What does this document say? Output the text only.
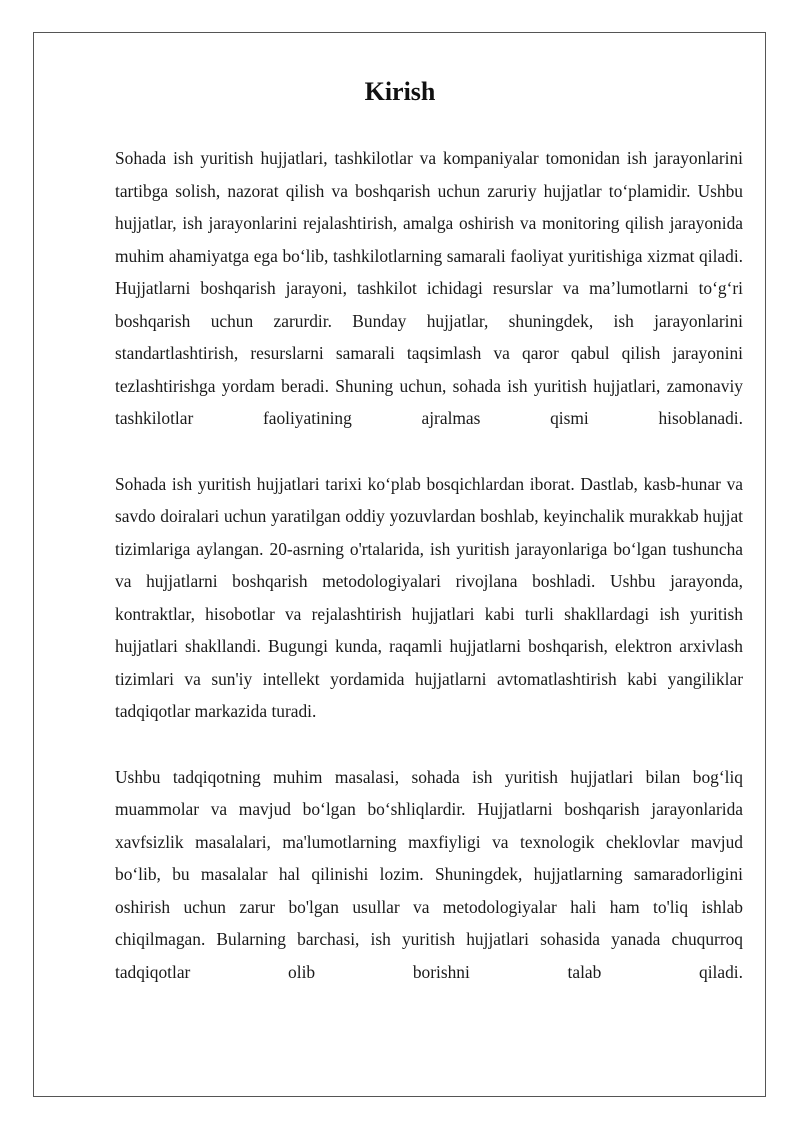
Kirish

Sohada ish yuritish hujjatlari, tashkilotlar va kompaniyalar tomonidan ish jarayonlarini tartibga solish, nazorat qilish va boshqarish uchun zaruriy hujjatlar to‘plamidir. Ushbu hujjatlar, ish jarayonlarini rejalashtirish, amalga oshirish va monitoring qilish jarayonida muhim ahamiyatga ega bo‘lib, tashkilotlarning samarali faoliyat yuritishiga xizmat qiladi. Hujjatlarni boshqarish jarayoni, tashkilot ichidagi resurslar va ma’lumotlarni to‘g‘ri boshqarish uchun zarurdir. Bunday hujjatlar, shuningdek, ish jarayonlarini standartlashtirish, resurslarni samarali taqsimlash va qaror qabul qilish jarayonini tezlashtirishga yordam beradi. Shuning uchun, sohada ish yuritish hujjatlari, zamonaviy tashkilotlar faoliyatining ajralmas qismi hisoblanadi.

Sohada ish yuritish hujjatlari tarixi ko‘plab bosqichlardan iborat. Dastlab, kasb-hunar va savdo doiralari uchun yaratilgan oddiy yozuvlardan boshlab, keyinchalik murakkab hujjat tizimlariga aylangan. 20-asrning o'rtalarida, ish yuritish jarayonlariga bo‘lgan tushuncha va hujjatlarni boshqarish metodologiyalari rivojlana boshladi. Ushbu jarayonda, kontraktlar, hisobotlar va rejalashtirish hujjatlari kabi turli shakllardagi ish yuritish hujjatlari shakllandi. Bugungi kunda, raqamli hujjatlarni boshqarish, elektron arxivlash tizimlari va sun'iy intellekt yordamida hujjatlarni avtomatlashtirish kabi yangiliklar tadqiqotlar markazida turadi.

Ushbu tadqiqotning muhim masalasi, sohada ish yuritish hujjatlari bilan bog‘liq muammolar va mavjud bo‘lgan bo‘shliqlardir. Hujjatlarni boshqarish jarayonlarida xavfsizlik masalalari, ma'lumotlarning maxfiyligi va texnologik cheklovlar mavjud bo‘lib, bu masalalar hal qilinishi lozim. Shuningdek, hujjatlarning samaradorligini oshirish uchun zarur bo'lgan usullar va metodologiyalar hali ham to'liq ishlab chiqilmagan. Bularning barchasi, ish yuritish hujjatlari sohasida yanada chuqurroq tadqiqotlar olib borishni talab qiladi.
